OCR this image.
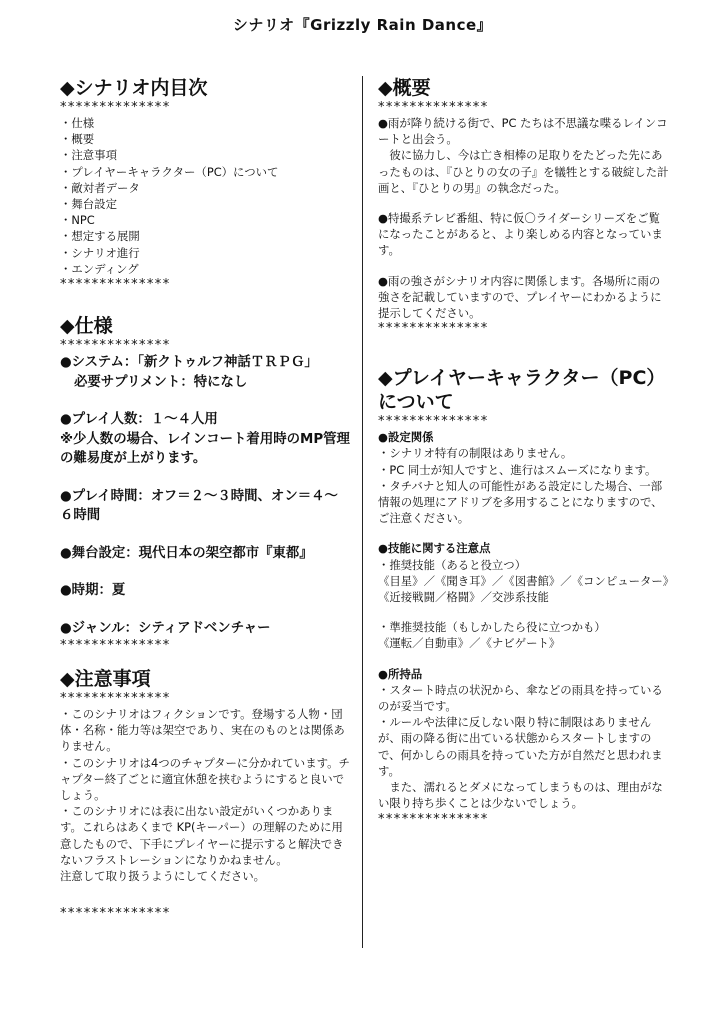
シナリオ『Grizzly Rain Dance』

◆シナリオ内目次

**************

・仕様

・概要

・注意事項

・プレイヤーキャラクター（PC）について

・敵対者データ

・舞台設定

・NPC

・想定する展開

・シナリオ進行

・エンディング

**************

◆仕様

**************

●システム：「新クトゥルフ神話ＴＲＰＧ」

必要サプリメント：特になし

●プレイ人数：１～４人用

※少人数の場合、レインコート着用時のMP管理の難易度が上がります。

●プレイ時間：オフ＝２～３時間、オン＝４～６時間

●舞台設定：現代日本の架空都市『東都』

●時期：夏

●ジャンル：シティアドベンチャー

**************

◆注意事項

**************

・このシナリオはフィクションです。登場する人物・団体・名称・能力等は架空であり、実在のものとは関係ありません。

・このシナリオは4つのチャプターに分かれています。チャプター終了ごとに適宜休憩を挟むようにすると良いでしょう。

・このシナリオには表に出ない設定がいくつかあります。これらはあくまで KP(キーパー）の理解のために用意したもので、下手にプレイヤーに提示すると解決できないフラストレーションになりかねません。

注意して取り扱うようにしてください。

**************

◆概要

**************

●雨が降り続ける街で、PC たちは不思議な喋るレインコートと出会う。

　彼に協力し、今は亡き相棒の足取りをたどった先にあったものは、『ひとりの女の子』を犠牲とする破綻した計画と、『ひとりの男』の執念だった。

●特撮系テレビ番組、特に仮〇ライダーシリーズをご覧になったことがあると、より楽しめる内容となっています。

●雨の強さがシナリオ内容に関係します。各場所に雨の強さを記載していますので、プレイヤーにわかるように提示してください。

**************

◆プレイヤーキャラクター（PC）

について

**************

●設定関係

・シナリオ特有の制限はありません。

・PC 同士が知人ですと、進行はスムーズになります。

・タチバナと知人の可能性がある設定にした場合、一部情報の処理にアドリブを多用することになりますので、ご注意ください。

●技能に関する注意点

・推奨技能（あると役立つ）

《目星》／《聞き耳》／《図書館》／《コンピューター》

《近接戦闘／格闘》／交渉系技能

・準推奨技能（もしかしたら役に立つかも）

《運転／自動車》／《ナビゲート》

●所持品

・スタート時点の状況から、傘などの雨具を持っているのが妥当です。

・ルールや法律に反しない限り特に制限はありませんが、雨の降る街に出ている状態からスタートしますので、何かしらの雨具を持っていた方が自然だと思われます。

　また、濡れるとダメになってしまうものは、理由がない限り持ち歩くことは少ないでしょう。

**************
